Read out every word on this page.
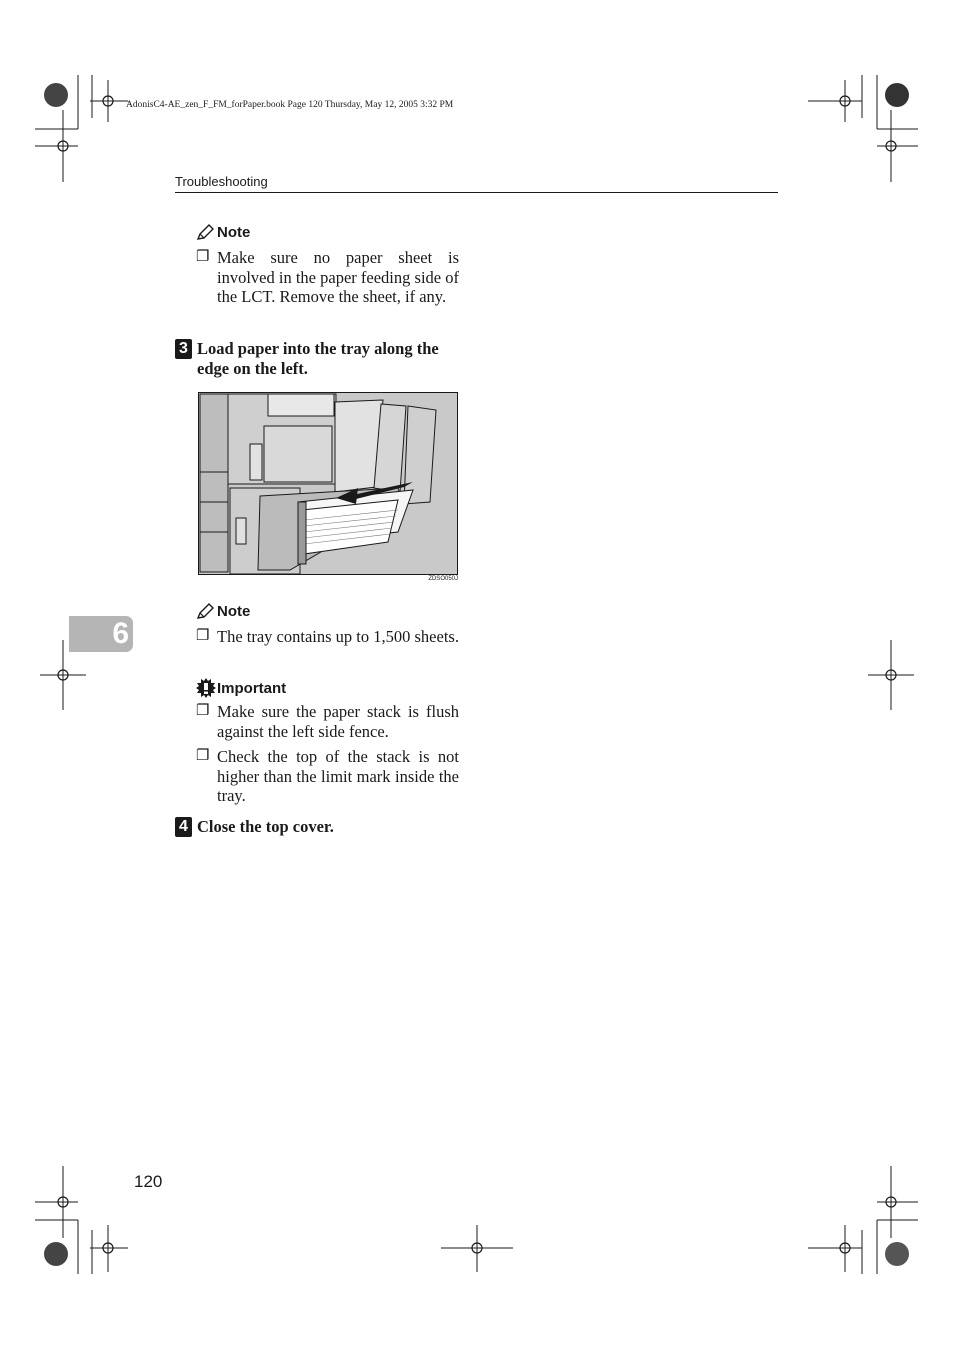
AdonisC4-AE_zen_F_FM_forPaper.book Page 120 Thursday, May 12, 2005 3:32 PM
Troubleshooting
Note
❐ Make sure no paper sheet is involved in the paper feeding side of the LCT. Remove the sheet, if any.
3 Load paper into the tray along the edge on the left.
ZDSO050J
6
Note
❐ The tray contains up to 1,500 sheets.
Important
❐ Make sure the paper stack is flush against the left side fence.
❐ Check the top of the stack is not higher than the limit mark inside the tray.
4 Close the top cover.
120
